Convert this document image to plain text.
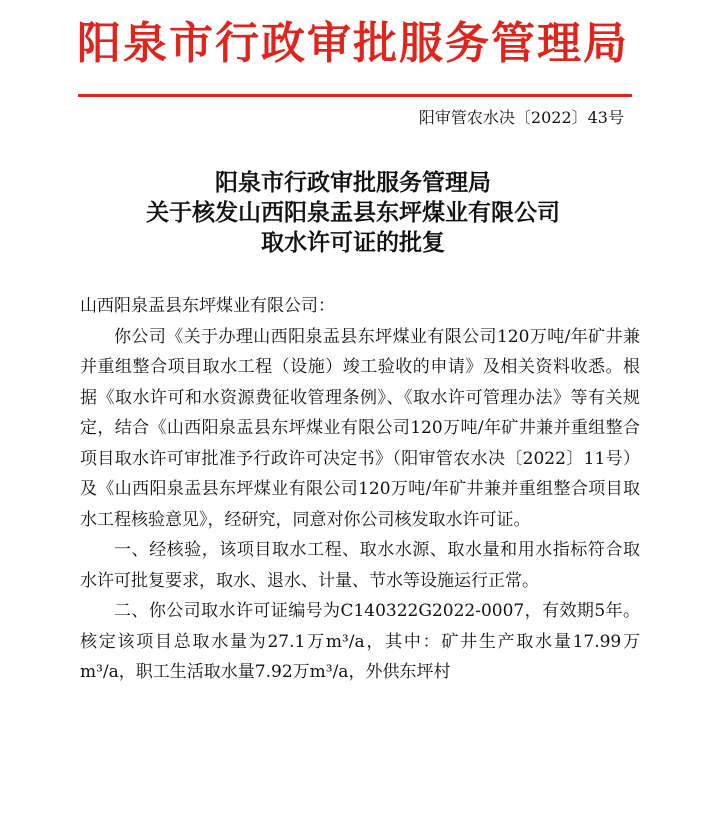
阳泉市行政审批服务管理局
阳审管农水决〔2022〕43号
阳泉市行政审批服务管理局
关于核发山西阳泉盂县东坪煤业有限公司
取水许可证的批复

山西阳泉盂县东坪煤业有限公司：

你公司《关于办理山西阳泉盂县东坪煤业有限公司120万吨/年矿井兼并重组整合项目取水工程（设施）竣工验收的申请》及相关资料收悉。根据《取水许可和水资源费征收管理条例》、《取水许可管理办法》等有关规定，结合《山西阳泉盂县东坪煤业有限公司120万吨/年矿井兼并重组整合项目取水许可审批准予行政许可决定书》（阳审管农水决〔2022〕11号）及《山西阳泉盂县东坪煤业有限公司120万吨/年矿井兼并重组整合项目取水工程核验意见》，经研究，同意对你公司核发取水许可证。

一、经核验，该项目取水工程、取水水源、取水量和用水指标符合取水许可批复要求，取水、退水、计量、节水等设施运行正常。

二、你公司取水许可证编号为C140322G2022-0007，有效期5年。核定该项目总取水量为27.1万m³/a，其中：矿井生产取水量17.99万m³/a，职工生活取水量7.92万m³/a，外供东坪村
